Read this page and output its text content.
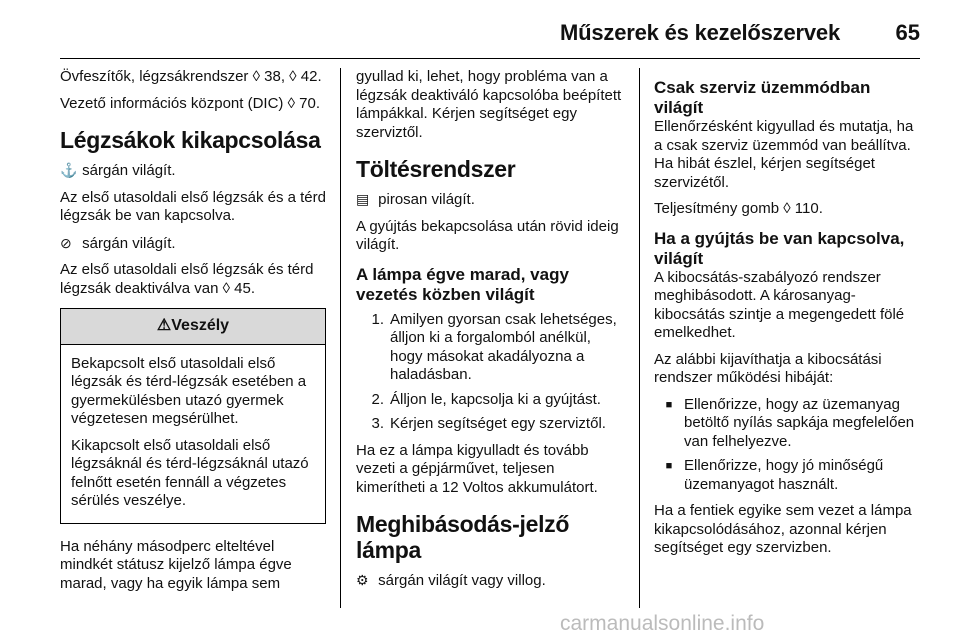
Műszerek és kezelőszervek	65

Övfeszítők, légzsákrendszer ◊ 38, ◊ 42.

Vezető információs központ (DIC) ◊ 70.

Légzsákok kikapcsolása

⚓ sárgán világít.

Az első utasoldali első légzsák és a térd légzsák be van kapcsolva.

⊘ sárgán világít.

Az első utasoldali első légzsák és térd légzsák deaktiválva van ◊ 45.

⚠Veszély

Bekapcsolt első utasoldali első légzsák és térd-légzsák esetében a gyermekülésben utazó gyermek végzetesen megsérülhet.

Kikapcsolt első utasoldali első légzsáknál és térd-légzsáknál utazó felnőtt esetén fennáll a végzetes sérülés veszélye.

Ha néhány másodperc elteltével mindkét státusz kijelző lámpa égve marad, vagy ha egyik lámpa sem

gyullad ki, lehet, hogy probléma van a légzsák deaktiváló kapcsolóba beépített lámpákkal. Kérjen segítséget egy szerviztől.

Töltésrendszer

▤ pirosan világít.

A gyújtás bekapcsolása után rövid ideig világít.

A lámpa égve marad, vagy vezetés közben világít
1. Amilyen gyorsan csak lehetséges, álljon ki a forgalomból anélkül, hogy másokat akadályozna a haladásban.
2. Álljon le, kapcsolja ki a gyújtást.
3. Kérjen segítséget egy szerviztől.

Ha ez a lámpa kigyulladt és tovább vezeti a gépjárművet, teljesen kimerítheti a 12 Voltos akkumulátort.

Meghibásodás-jelző lámpa

⚙ sárgán világít vagy villog.

Csak szerviz üzemmódban világít

Ellenőrzésként kigyullad és mutatja, ha a csak szerviz üzemmód van beállítva. Ha hibát észlel, kérjen segítséget szervizétől.

Teljesítmény gomb ◊ 110.

Ha a gyújtás be van kapcsolva, világít

A kibocsátás-szabályozó rendszer meghibásodott. A károsanyag-kibocsátás szintje a megengedett fölé emelkedhet.

Az alábbi kijavíthatja a kibocsátási rendszer működési hibáját:

■ Ellenőrizze, hogy az üzemanyag betöltő nyílás sapkája megfelelően van felhelyezve.
■ Ellenőrizze, hogy jó minőségű üzemanyagot használt.

Ha a fentiek egyike sem vezet a lámpa kikapcsolódásához, azonnal kérjen segítséget egy szervizben.

carmanualsonline.info
